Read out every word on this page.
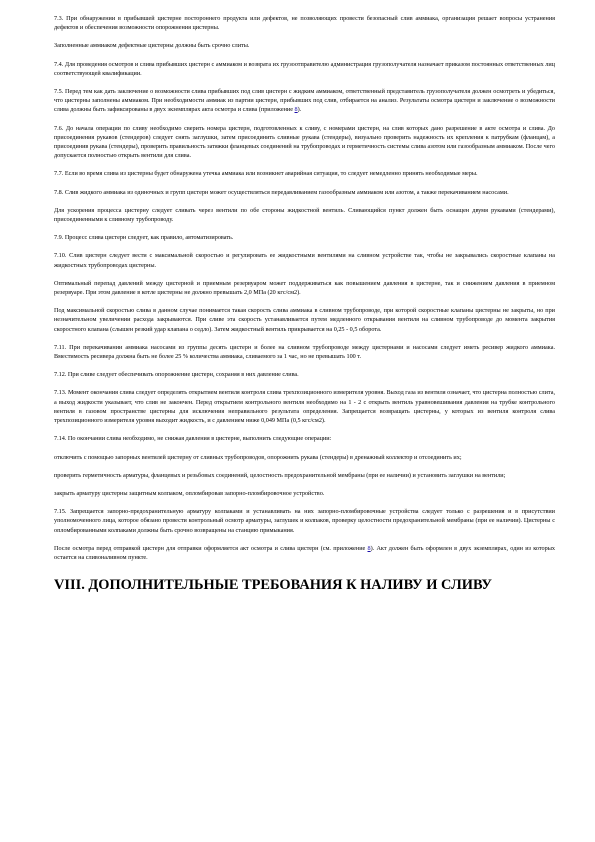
7.3. При обнаружении в прибывшей цистерне постороннего продукта или дефектов, не позволяющих провести безопасный слив аммиака, организация решает вопросы устранения дефектов и обеспечения возможности опорожнения цистерны.

Заполненные аммиаком дефектные цистерны должны быть срочно слиты.

7.4. Для проведения осмотров и слива прибывших цистерн с аммиаком и возврата их грузоотправителю администрация грузополучателя назначает приказом постоянных ответственных лиц соответствующей квалификации.

7.5. Перед тем как дать заключение о возможности слива прибывших под слив цистерн с жидким аммиаком, ответственный представитель грузополучателя должен осмотреть и убедиться, что цистерны заполнены аммиаком. При необходимости аммиак из партии цистерн, прибывших под слив, отбирается на анализ. Результаты осмотра цистерн и заключение о возможности слива должны быть зафиксированы в двух экземплярах акта осмотра и слива (приложение 8).

7.6. До начала операции по сливу необходимо сверить номера цистерн, подготовленных к сливу, с номерами цистерн, на слив которых дано разрешение в акте осмотра и слива. До присоединения рукавов (стендеров) следует снять заглушки, затем присоединить сливные рукава (стендеры), визуально проверить надежность их крепления к патрубкам (фланцам), а присоединив рукава (стендеры), проверить правильность затяжки фланцевых соединений на трубопроводах и герметичность системы слива азотом или газообразным аммиаком. После чего допускается полностью открыть вентили для слива.

7.7. Если во время слива из цистерны будет обнаружена утечка аммиака или возникнет аварийная ситуация, то следует немедленно принять необходимые меры.

7.8. Слив жидкого аммиака из одиночных и групп цистерн может осуществляться передавливанием газообразным аммиаком или азотом, а также перекачиванием насосами.

Для ускорения процесса цистерну следует сливать через вентили по обе стороны жидкостной вентиль. Сливающийся пункт должен быть оснащен двумя рукавами (стендерами), присоединенными к сливному трубопроводу.

7.9. Процесс слива цистерн следует, как правило, автоматизировать.

7.10. Слив цистерн следует вести с максимальной скоростью и регулировать ее жидкостными вентилями на сливном устройстве так, чтобы не закрывались скоростные клапаны на жидкостных трубопроводах цистерны.

Оптимальный перепад давлений между цистерной и приемным резервуаром может поддерживаться как повышением давления в цистерне, так и снижением давления в приемном резервуаре. При этом давление в котле цистерны не должно превышать 2,0 МПа (20 кгс/см2).

Под максимальной скоростью слива в данном случае понимается такая скорость слива аммиака в сливном трубопроводе, при которой скоростные клапаны цистерны не закрыты, но при незначительном увеличении расхода закрываются. При сливе эта скорость устанавливается путем медленного открывания вентиля на сливном трубопроводе до момента закрытия скоростного клапана (слышен резкий удар клапана о седло). Затем жидкостный вентиль прикрывается на 0,25 - 0,5 оборота.

7.11. При перекачивании аммиака насосами из группы десять цистерн и более на сливном трубопроводе между цистернами и насосами следует иметь ресивер жидкого аммиака. Вместимость ресивера должна быть не более 25 % количества аммиака, сливаемого за 1 час, но не превышать 100 т.

7.12. При сливе следует обеспечивать опорожнение цистерн, сохраняя в них давление слива.

7.13. Момент окончания слива следует определять открытием вентиля контроля слива трехпозиционного измерителя уровня. Выход газа из вентиля означает, что цистерна полностью слита, а выход жидкости указывает, что слив не закончен. Перед открытием контрольного вентиля необходимо на 1 - 2 с открыть вентиль уравновешивания давления на трубке контрольного вентиля в газовом пространстве цистерны для исключения неправильного результата определения. Запрещается возвращать цистерны, у которых из вентиля контроля слива трехпозиционного измерителя уровня выходит жидкость, и с давлением ниже 0,049 МПа (0,5 кгс/см2).

7.14. По окончании слива необходимо, не снижая давления в цистерне, выполнить следующие операции:

отключить с помощью запорных вентилей цистерну от сливных трубопроводов, опорожнить рукава (стендеры) в дренажный коллектор и отсоединить их;

проверить герметичность арматуры, фланцевых и резьбовых соединений, целостность предохранительной мембраны (при ее наличии) и установить заглушки на вентили;

закрыть арматуру цистерны защитным колпаком, опломбировав запорно-пломбировочное устройство.

7.15. Запрещается запорно-предохранительную арматуру колпаками и устанавливать на них запорно-пломбировочные устройства следует только с разрешения и в присутствии уполномоченного лица, которое обязано провести контрольный осмотр арматуры, заглушек и колпаков, проверку целостности предохранительной мембраны (при ее наличии). Цистерны с опломбированными колпаками должны быть срочно возвращены на станцию примыкания.

После осмотра перед отправкой цистерн для отправки оформляется акт осмотра и слива цистерн (см. приложение 8). Акт должен быть оформлен в двух экземплярах, один из которых остается на сливоналивном пункте.

VIII. ДОПОЛНИТЕЛЬНЫЕ ТРЕБОВАНИЯ К НАЛИВУ И СЛИВУ
